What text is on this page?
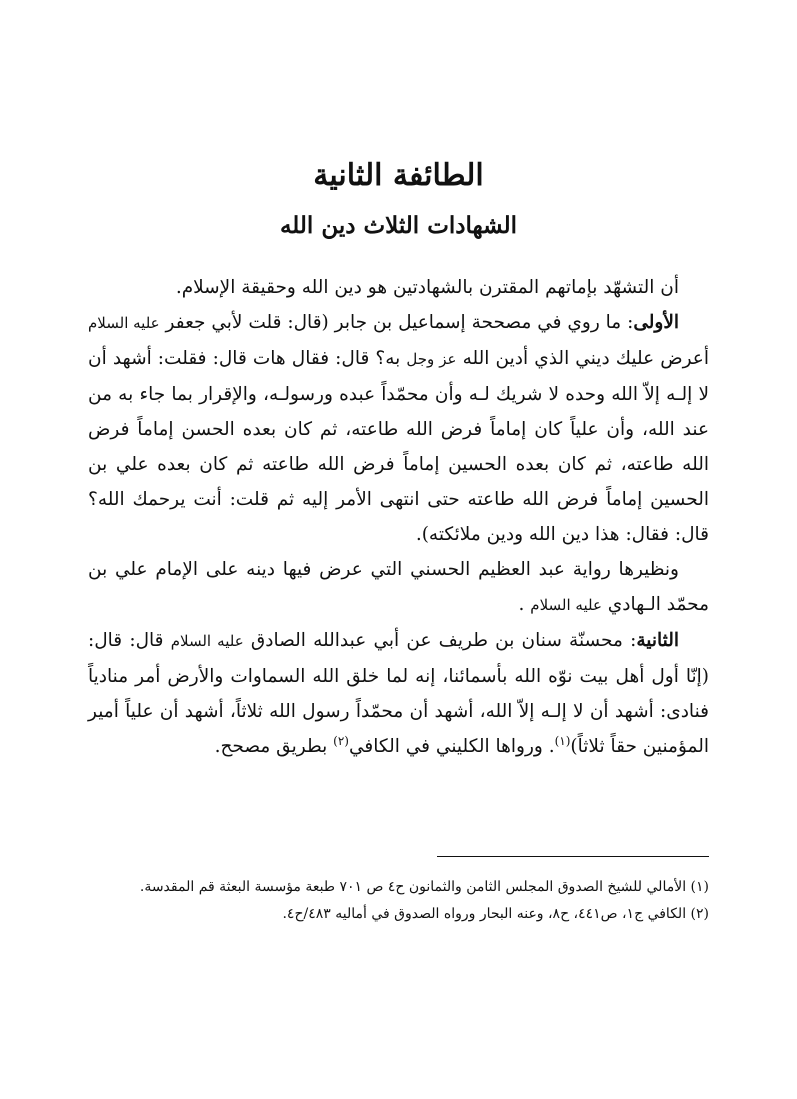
الطائفة الثانية
الشهادات الثلاث دين الله

أن التشهّد بإماتهم المقترن بالشهادتين هو دين الله وحقيقة الإسلام.

الأولى: ما روي في مصححة إسماعيل بن جابر (قال: قلت لأبي جعفر عليه السلام أعرض عليك ديني الذي أدين الله عز وجل به؟ قال: فقال هات قال: فقلت: أشهد أن لا إلـه إلاّ الله وحده لا شريك لـه وأن محمّداً عبده ورسولـه، والإقرار بما جاء به من عند الله، وأن علياً كان إماماً فرض الله طاعته، ثم كان بعده الحسن إماماً فرض الله طاعته، ثم كان بعده الحسين إماماً فرض الله طاعته ثم كان بعده علي بن الحسين إماماً فرض الله طاعته حتى انتهى الأمر إليه ثم قلت: أنت يرحمك الله؟ قال: فقال: هذا دين الله ودين ملائكته).

ونظيرها رواية عبد العظيم الحسني التي عرض فيها دينه على الإمام علي بن محمّد الـهادي عليه السلام .

الثانية: محسنّة سنان بن طريف عن أبي عبدالله الصادق عليه السلام قال: قال: (إنّا أول أهل بيت نوّه الله بأسمائنا، إنه لما خلق الله السماوات والأرض أمر منادياً فنادى: أشهد أن لا إلـه إلاّ الله، أشهد أن محمّداً رسول الله ثلاثاً، أشهد أن علياً أمير المؤمنين حقاً ثلاثاً)$^{(١)}$. ورواها الكليني في الكافي$^{(٢)}$ بطريق مصحح.

(١) الأمالي للشيخ الصدوق المجلس الثامن والثمانون ح٤ ص ٧٠١ طبعة مؤسسة البعثة قم المقدسة.

(٢) الكافي ج١، ص٤٤١، ح٨، وعنه البحار ورواه الصدوق في أماليه ٤٨٣/ح٤.
